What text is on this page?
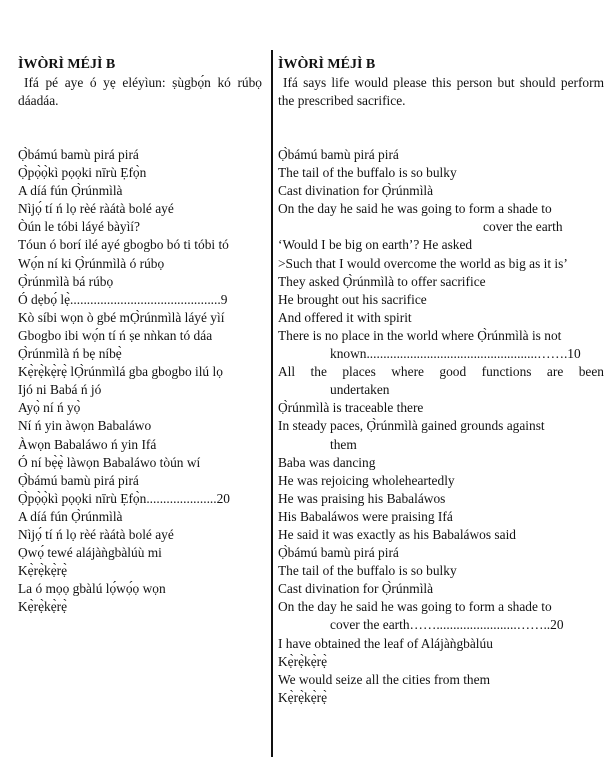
ÌWÒRÌ MÉJÌ B
Ifá pé aye ó yẹ eléyìun: ṣùgbọ́n kó rúbọ dáadáa.
Ọ̀bámú bamù pirá pirá
Ọ̀pọ̀ọ̀kì pọọki nīrù Ẹfọ̀n
A díá fún Ọ̀rúnmìlà
Nìjọ́ tí ń lọ rèé ràátà bolé ayé
Òún le tóbi láyé bàyìí?
Tóun ó borí ilé ayé gbogbo bó ti tóbi tó
Wọ́n ní ki Ọ̀rúnmìlà ó rúbọ
Ọ̀rúnmìlà bá rúbọ
Ó dẹbọ́ lẹ̀.............................................9
Kò síbi wọn ò gbé mỌ̀rúnmìlà láyé yìí
Gbogbo ibi wọ́n tí ń ṣe nǹkan tó dáa
Ọ̀rúnmìlà ń bẹ níbẹ̀
Kẹ̀rẹ̀kẹ̀rẹ̀ lỌ̀rúnmìlá gba gbogbo ilú lọ
Ijó ni Babá ń jó
Ayọ̀ ní ń yọ̀
Ní ń yin àwọn Babaláwo
Àwọn Babaláwo ń yin Ifá
Ó ní bẹ̀ẹ̀ làwọn Babaláwo tòún wí
Ọ̀bámú bamù pirá pirá
Ọ̀pọ̀ọ̀kì pọọki nīrù Ẹfọ̀n.....................20
A díá fún Ọ̀rúnmìlà
Nìjọ́ tí ń lọ rèé ràátà bolé ayé
Ọwọ́ tewé alájàǹgbàlúù mi
Kẹ̀rẹ̀kẹ̀rẹ̀
La ó mọọ gbàlú lọ́wọ́ọ wọn
Kẹ̀rẹ̀kẹ̀rẹ̀
ÌWÒRÌ MÉJÌ B
Ifá says life would please this person but should perform the prescribed sacrifice.
Ọ̀bámú bamù pirá pirá
The tail of the buffalo is so bulky
Cast divination for Ọ̀rúnmìlà
On the day he said he was going to form a shade to
cover the earth
‘Would I be big on earth’? He asked
>Such that I would overcome the world as big as it is’
They asked Ọ̀rúnmìlà to offer sacrifice
He brought out his sacrifice
And offered it with spirit
There is no place in the world where Ọ̀rúnmìlà is not
known...................................................…….10
All the places where good functions are been
undertaken
Ọ̀rúnmìlà is traceable there
In steady paces, Ọ̀rúnmìlà gained grounds against
them
Baba was dancing
He was rejoicing wholeheartedly
He was praising his Babaláwos
His Babaláwos were praising Ifá
He said it was exactly as his Babaláwos said
Ọ̀bámú bamù pirá pirá
The tail of the buffalo is so bulky
Cast divination for Ọ̀rúnmìlà
On the day he said he was going to form a shade to
cover the earth……........................……..20
I have obtained the leaf of Alájàǹgbàlúu
Kẹ̀rẹ̀kẹ̀rẹ̀
We would seize all the cities from them
Kẹ̀rẹ̀kẹ̀rẹ̀
